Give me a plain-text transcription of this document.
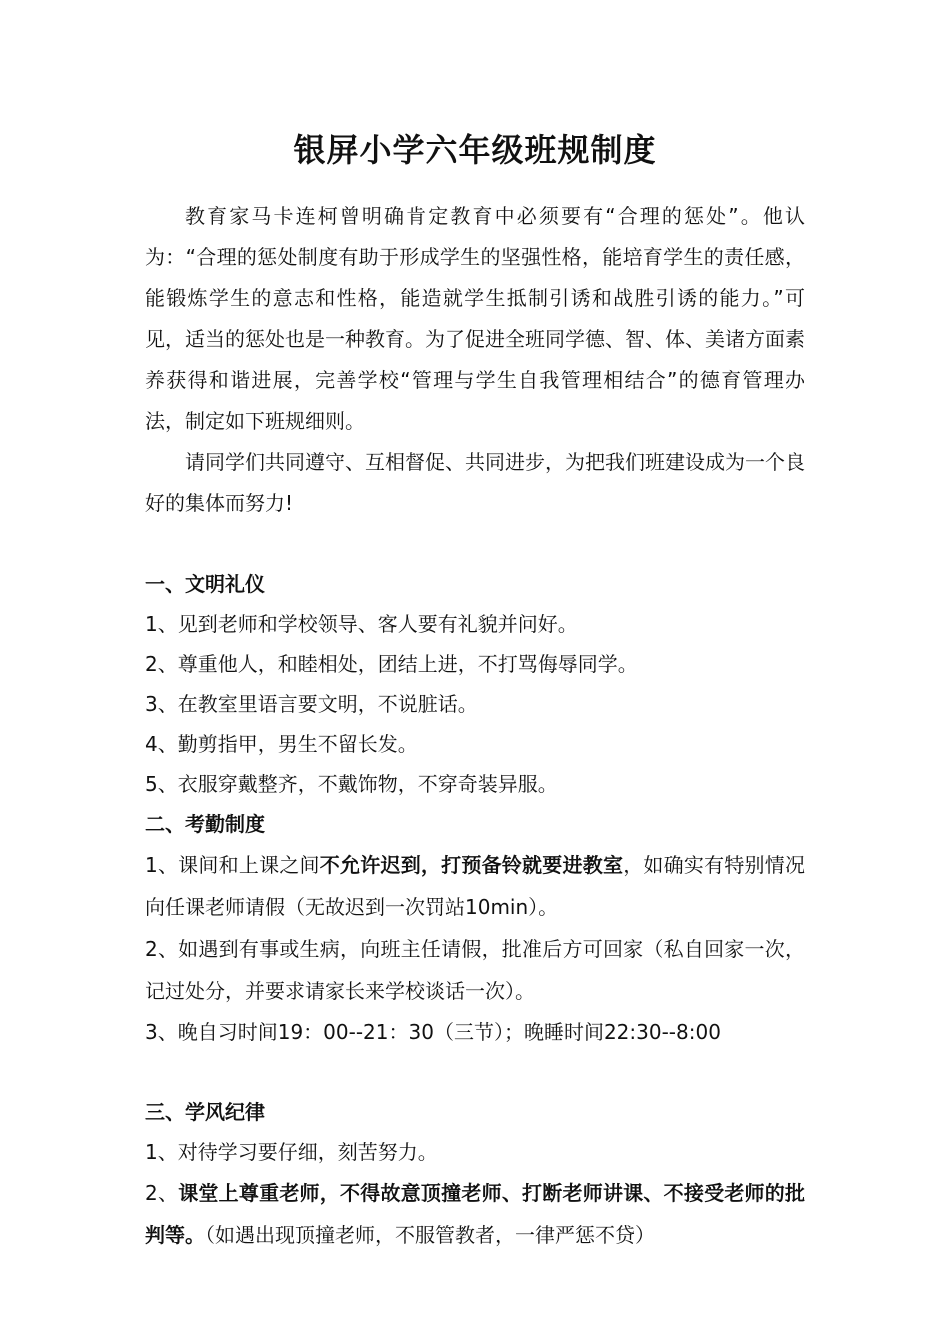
银屏小学六年级班规制度

教育家马卡连柯曾明确肯定教育中必须要有“合理的惩处”。他认为：“合理的惩处制度有助于形成学生的坚强性格，能培育学生的责任感，能锻炼学生的意志和性格，能造就学生抵制引诱和战胜引诱的能力。”可见，适当的惩处也是一种教育。为了促进全班同学德、智、体、美诸方面素养获得和谐进展，完善学校“管理与学生自我管理相结合”的德育管理办法，制定如下班规细则。

请同学们共同遵守、互相督促、共同进步，为把我们班建设成为一个良好的集体而努力!

一、文明礼仪

1、见到老师和学校领导、客人要有礼貌并问好。

2、尊重他人，和睦相处，团结上进，不打骂侮辱同学。

3、在教室里语言要文明，不说脏话。

4、勤剪指甲，男生不留长发。

5、衣服穿戴整齐，不戴饰物，不穿奇装异服。

二、考勤制度

1、课间和上课之间不允许迟到，打预备铃就要进教室，如确实有特别情况向任课老师请假（无故迟到一次罚站10min）。

2、如遇到有事或生病，向班主任请假，批准后方可回家（私自回家一次，记过处分，并要求请家长来学校谈话一次）。

3、晚自习时间19：00--21：30（三节）；晚睡时间22:30--8:00

三、学风纪律

1、对待学习要仔细，刻苦努力。

2、课堂上尊重老师，不得故意顶撞老师、打断老师讲课、不接受老师的批判等。（如遇出现顶撞老师，不服管教者，一律严惩不贷）
